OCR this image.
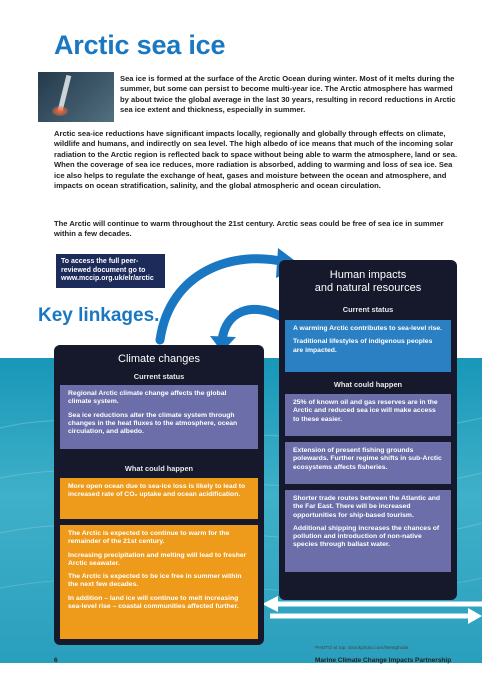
Arctic sea ice
Sea ice is formed at the surface of the Arctic Ocean during winter. Most of it melts during the summer, but some can persist to become multi-year ice. The Arctic atmosphere has warmed by about twice the global average in the last 30 years, resulting in record reductions in Arctic sea ice extent and thickness, especially in summer.
Arctic sea-ice reductions have significant impacts locally, regionally and globally through effects on climate, wildlife and humans, and indirectly on sea level. The high albedo of ice means that much of the incoming solar radiation to the Arctic region is reflected back to space without being able to warm the atmosphere, land or sea. When the coverage of sea ice reduces, more radiation is absorbed, adding to warming and loss of sea ice. Sea ice also helps to regulate the exchange of heat, gases and moisture between the ocean and atmosphere, and impacts on ocean stratification, salinity, and the global atmospheric and ocean circulation.
The Arctic will continue to warm throughout the 21st century. Arctic seas could be free of sea ice in summer within a few decades.
To access the full peer-reviewed document go to www.mccip.org.uk/elr/arctic
Key linkages...
Climate changes
Current status

Regional Arctic climate change affects the global climate system.

Sea ice reductions alter the climate system through changes in the heat fluxes to the atmosphere, ocean circulation, and albedo.

What could happen

More open ocean due to sea-ice loss is likely to lead to increased rate of CO₂ uptake and ocean acidification.

The Arctic is expected to continue to warm for the remainder of the 21st century.

Increasing precipitation and melting will lead to fresher Arctic seawater.

The Arctic is expected to be ice free in summer within the next few decades.

In addition – land ice will continue to melt increasing sea-level rise – coastal communities affected further.

Human impacts
and natural resources
Current status

A warming Arctic contributes to sea-level rise.

Traditional lifestyles of indigenous peoples are impacted.

What could happen

25% of known oil and gas reserves are in the Arctic and reduced sea ice will make access to these easier.

Extension of present fishing grounds polewards. Further regime shifts in sub-Arctic ecosystems affects fisheries.

Shorter trade routes between the Atlantic and the Far East. There will be increased opportunities for ship-based tourism.

Additional shipping increases the chances of pollution and introduction of non-native species through ballast water.

6
PHOTO at top: iStockphoto.com/Westphalia
Marine Climate Change Impacts Partnership
